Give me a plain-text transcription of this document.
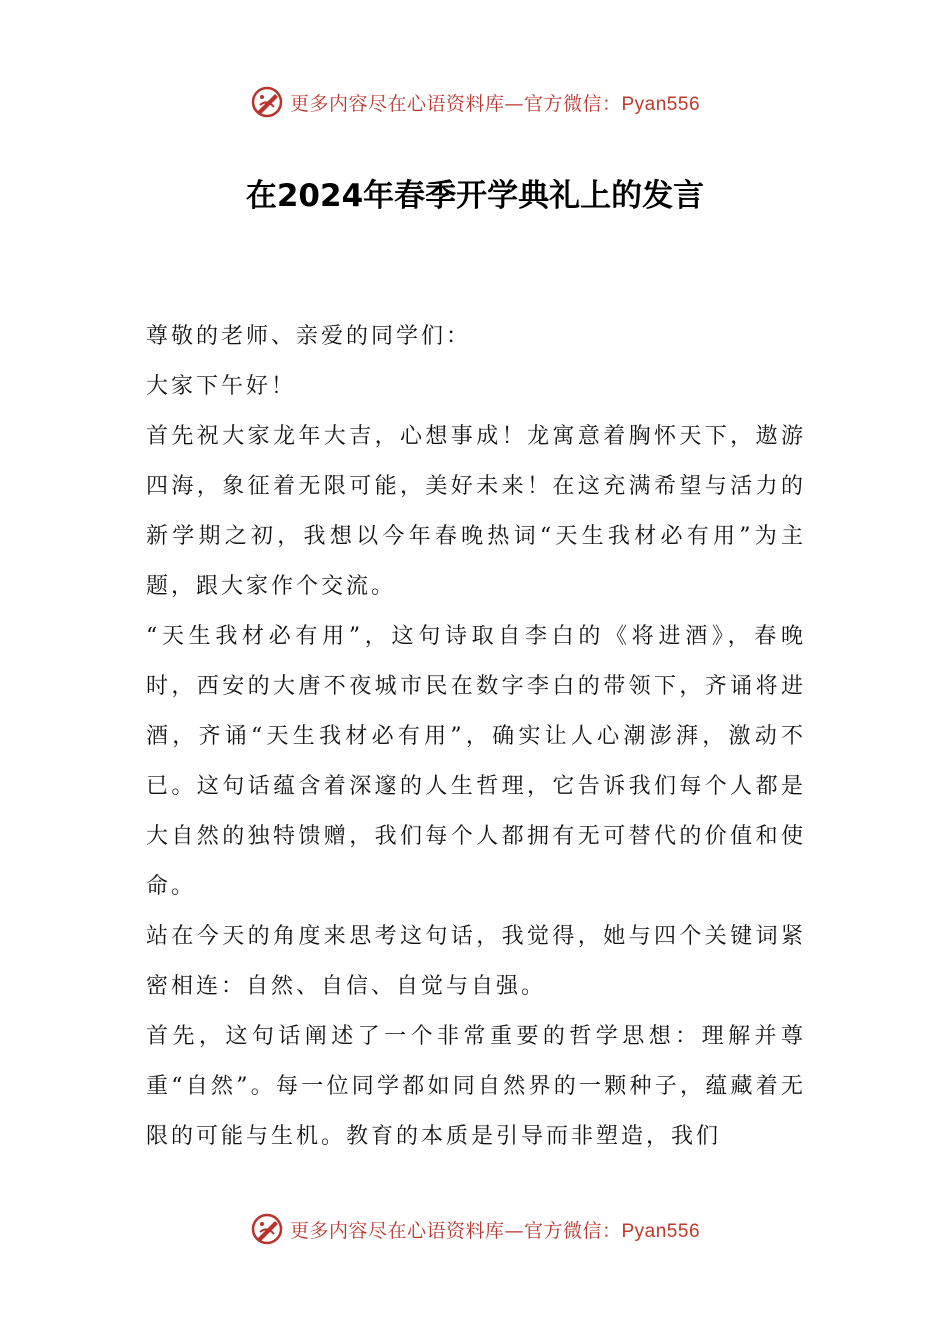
更多内容尽在心语资料库—官方微信：Pyan556
在2024年春季开学典礼上的发言

尊敬的老师、亲爱的同学们：

大家下午好！

首先祝大家龙年大吉，心想事成！龙寓意着胸怀天下，遨游四海，象征着无限可能，美好未来！在这充满希望与活力的新学期之初，我想以今年春晚热词“天生我材必有用”为主题，跟大家作个交流。

“天生我材必有用”，这句诗取自李白的《将进酒》，春晚时，西安的大唐不夜城市民在数字李白的带领下，齐诵将进酒，齐诵“天生我材必有用”，确实让人心潮澎湃，激动不已。这句话蕴含着深邃的人生哲理，它告诉我们每个人都是大自然的独特馈赠，我们每个人都拥有无可替代的价值和使命。

站在今天的角度来思考这句话，我觉得，她与四个关键词紧密相连：自然、自信、自觉与自强。

首先，这句话阐述了一个非常重要的哲学思想：理解并尊重“自然”。每一位同学都如同自然界的一颗种子，蕴藏着无限的可能与生机。教育的本质是引导而非塑造，我们

更多内容尽在心语资料库—官方微信：Pyan556
